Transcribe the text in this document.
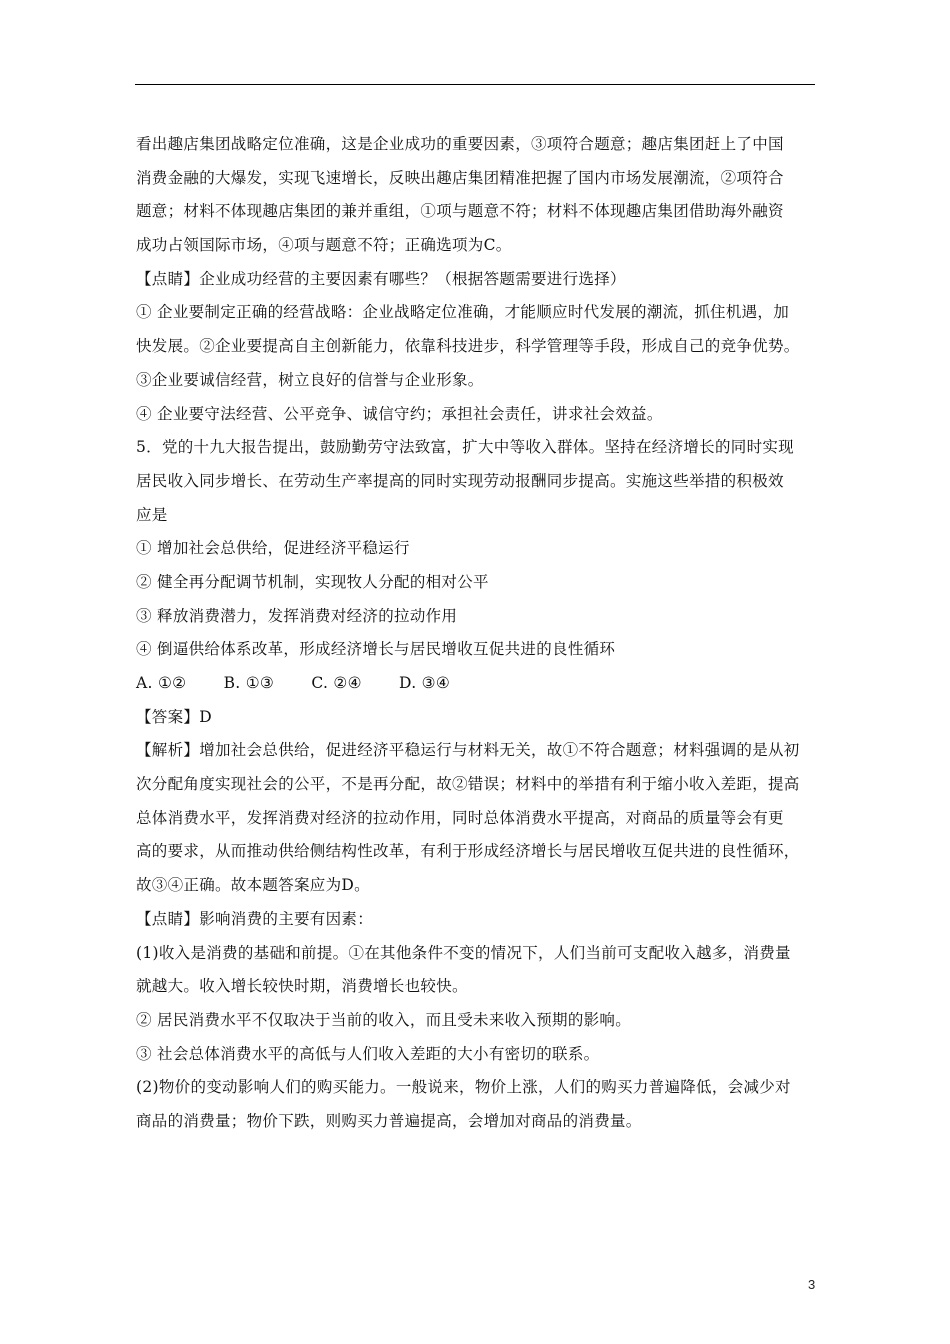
看出趣店集团战略定位准确，这是企业成功的重要因素，③项符合题意；趣店集团赶上了中国
消费金融的大爆发，实现飞速增长，反映出趣店集团精准把握了国内市场发展潮流，②项符合
题意；材料不体现趣店集团的兼并重组，①项与题意不符；材料不体现趣店集团借助海外融资
成功占领国际市场，④项与题意不符；正确选项为C。
【点睛】企业成功经营的主要因素有哪些？（根据答题需要进行选择）
① 企业要制定正确的经营战略：企业战略定位准确，才能顺应时代发展的潮流，抓住机遇，加
快发展。②企业要提高自主创新能力，依靠科技进步，科学管理等手段，形成自己的竞争优势。
③企业要诚信经营，树立良好的信誉与企业形象。
④ 企业要守法经营、公平竞争、诚信守约；承担社会责任，讲求社会效益。
5．党的十九大报告提出，鼓励勤劳守法致富，扩大中等收入群体。坚持在经济增长的同时实现
居民收入同步增长、在劳动生产率提高的同时实现劳动报酬同步提高。实施这些举措的积极效
应是
① 增加社会总供给，促进经济平稳运行
② 健全再分配调节机制，实现牧人分配的相对公平
③ 释放消费潜力，发挥消费对经济的拉动作用
④ 倒逼供给体系改革，形成经济增长与居民增收互促共进的良性循环
A. ①② B. ①③ C. ②④ D. ③④
【答案】D
【解析】增加社会总供给，促进经济平稳运行与材料无关，故①不符合题意；材料强调的是从初
次分配角度实现社会的公平，不是再分配，故②错误；材料中的举措有利于缩小收入差距，提高
总体消费水平，发挥消费对经济的拉动作用，同时总体消费水平提高，对商品的质量等会有更
高的要求，从而推动供给侧结构性改革，有利于形成经济增长与居民增收互促共进的良性循环，
故③④正确。故本题答案应为D。
【点睛】影响消费的主要有因素：
(1)收入是消费的基础和前提。①在其他条件不变的情况下，人们当前可支配收入越多，消费量
就越大。收入增长较快时期，消费增长也较快。
② 居民消费水平不仅取决于当前的收入，而且受未来收入预期的影响。
③ 社会总体消费水平的高低与人们收入差距的大小有密切的联系。
(2)物价的变动影响人们的购买能力。一般说来，物价上涨，人们的购买力普遍降低，会减少对
商品的消费量；物价下跌，则购买力普遍提高，会增加对商品的消费量。
3
